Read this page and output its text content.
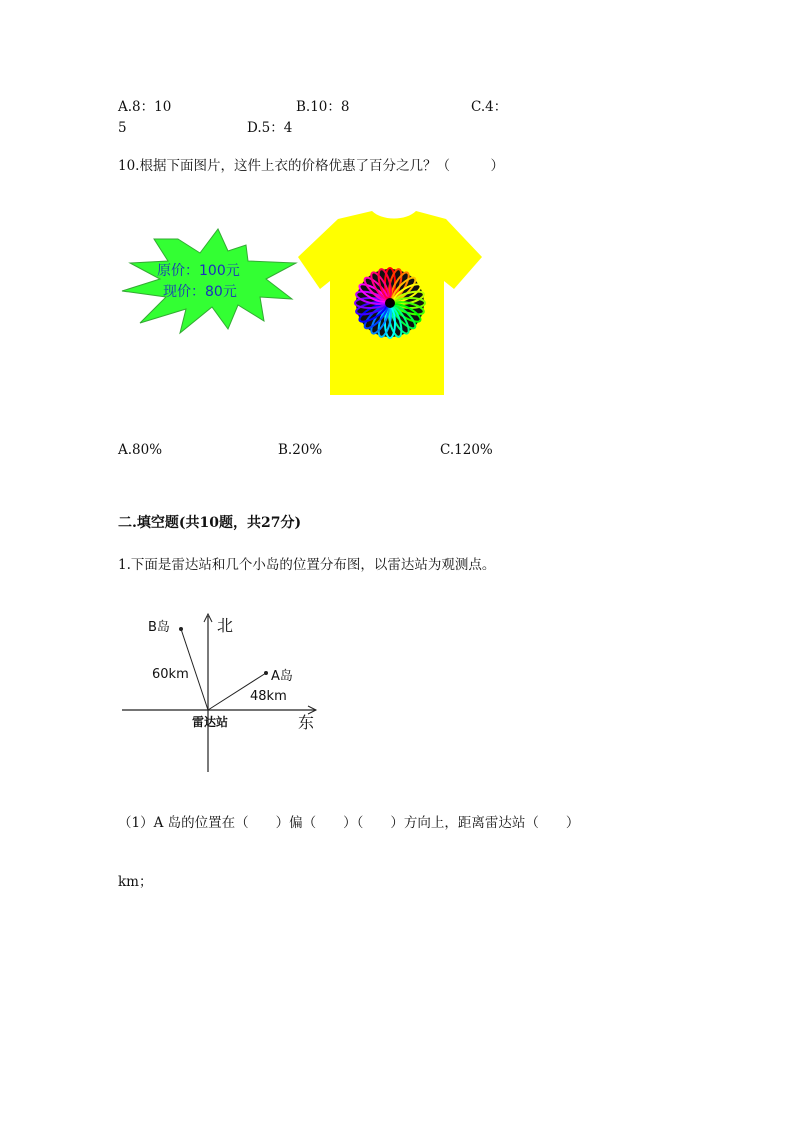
A.8：10	B.10：8	C.4：
5	D.5：4
10.根据下面图片，这件上衣的价格优惠了百分之几？（　　　）
原价：100元
现价：80元
A.80%	B.20%	C.120%
二.填空题(共10题，共27分)
1.下面是雷达站和几个小岛的位置分布图，以雷达站为观测点。
B岛	北
60km	A岛
48km
雷达站	东
（1）A 岛的位置在（　　）偏（　　）（　　）方向上，距离雷达站（　　）
km；
